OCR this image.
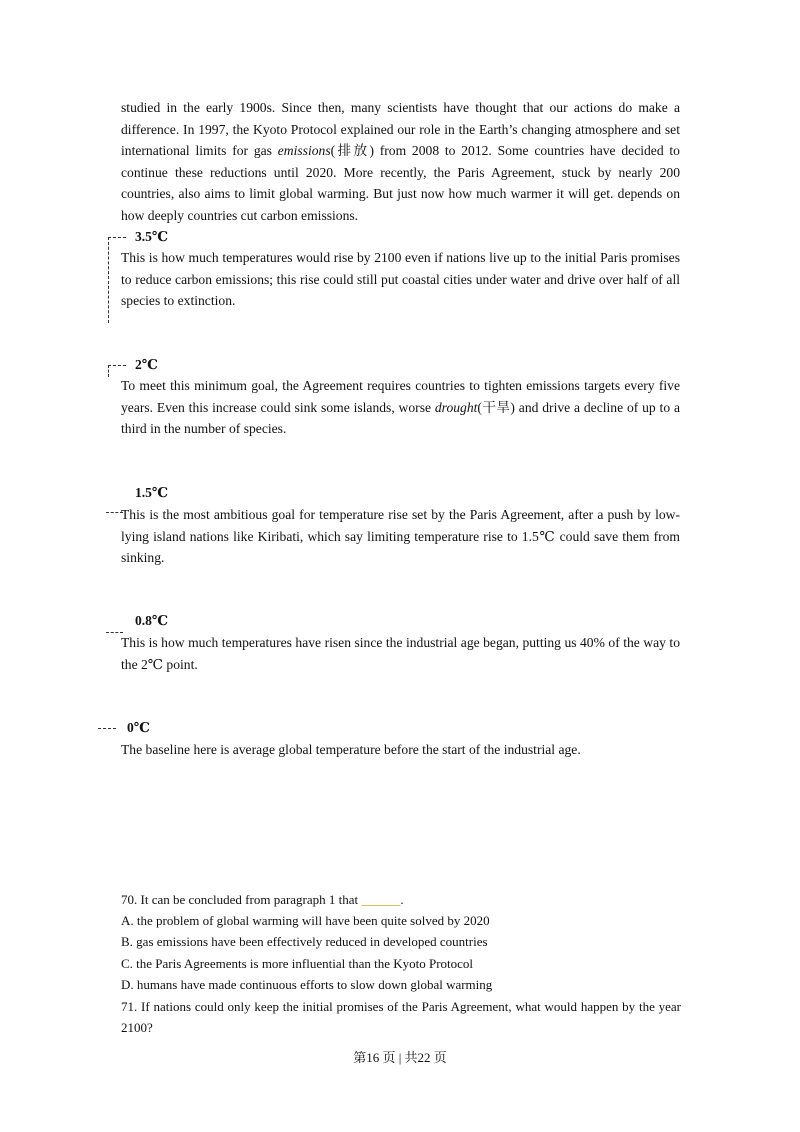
studied in the early 1900s. Since then, many scientists have thought that our actions do make a difference. In 1997, the Kyoto Protocol explained our role in the Earth’s changing atmosphere and set international limits for gas emissions(排放) from 2008 to 2012. Some countries have decided to continue these reductions until 2020. More recently, the Paris Agreement, stuck by nearly 200 countries, also aims to limit global warming. But just now how much warmer it will get. depends on how deeply countries cut carbon emissions.
3.5℃
This is how much temperatures would rise by 2100 even if nations live up to the initial Paris promises to reduce carbon emissions; this rise could still put coastal cities under water and drive over half of all species to extinction.
2℃
To meet this minimum goal, the Agreement requires countries to tighten emissions targets every five years. Even this increase could sink some islands, worse drought(干旱) and drive a decline of up to a third in the number of species.
1.5℃
This is the most ambitious goal for temperature rise set by the Paris Agreement, after a push by low-lying island nations like Kiribati, which say limiting temperature rise to 1.5℃ could save them from sinking.
0.8℃
This is how much temperatures have risen since the industrial age began, putting us 40% of the way to the 2℃ point.
0℃
The baseline here is average global temperature before the start of the industrial age.
70. It can be concluded from paragraph 1 that ______.
A. the problem of global warming will have been quite solved by 2020
B. gas emissions have been effectively reduced in developed countries
C. the Paris Agreements is more influential than the Kyoto Protocol
D. humans have made continuous efforts to slow down global warming
71. If nations could only keep the initial promises of the Paris Agreement, what would happen by the year 2100?
第16 页 | 共22 页
